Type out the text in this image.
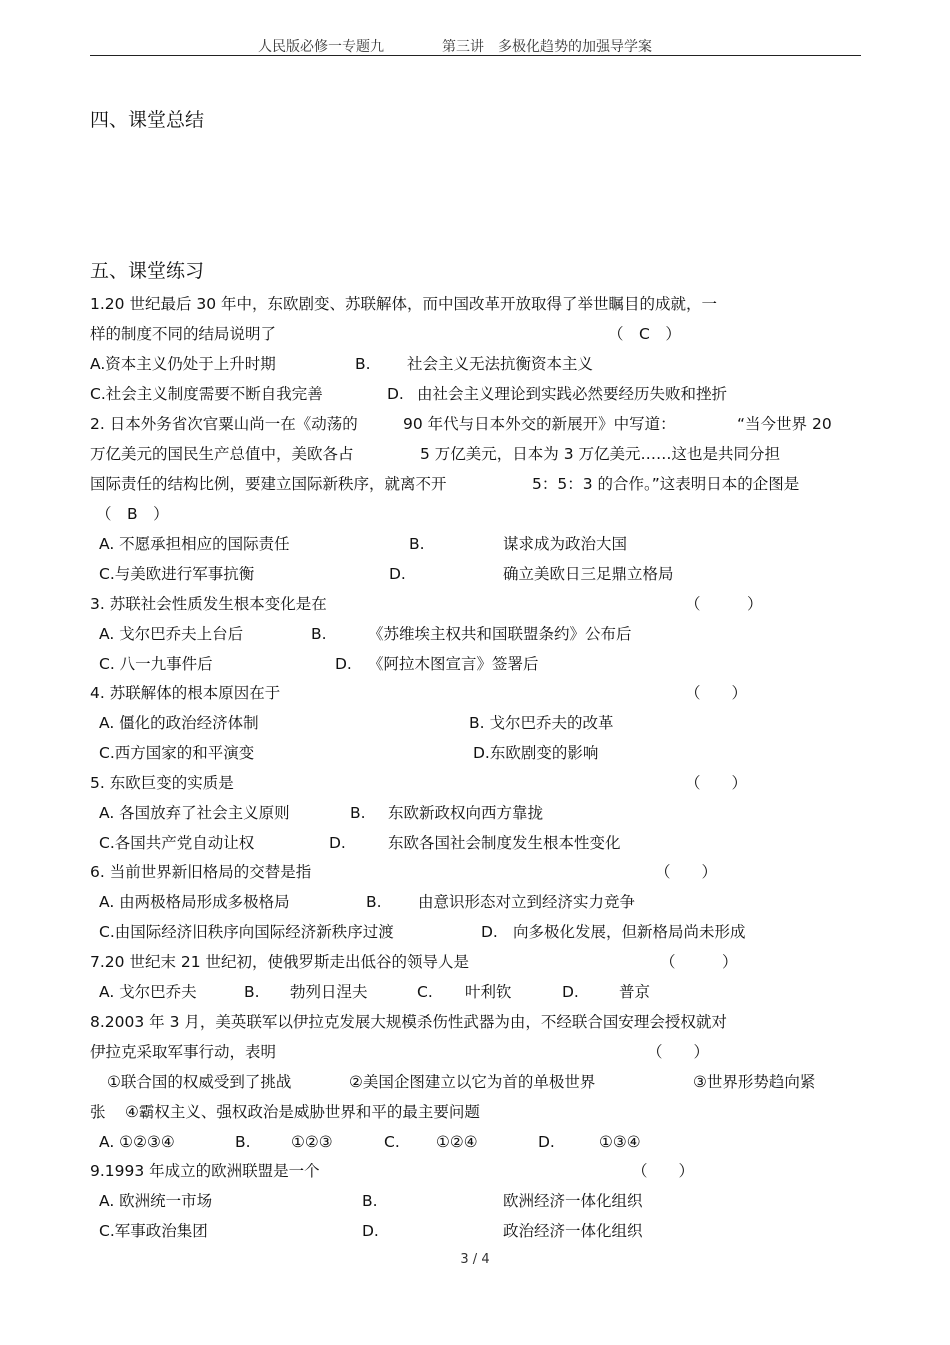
人民版必修一专题九	第三讲　多极化趋势的加强导学案
四、课堂总结
五、课堂练习
1.20 世纪最后 30 年中，东欧剧变、苏联解体，而中国改革开放取得了举世瞩目的成就，一
样的制度不同的结局说明了	（　C　）
A.资本主义仍处于上升时期	B. 社会主义无法抗衡资本主义
C.社会主义制度需要不断自我完善	D. 由社会主义理论到实践必然要经历失败和挫折
2. 日本外务省次官粟山尚一在《动荡的	90 年代与日本外交的新展开》中写道：	“当今世界 20
万亿美元的国民生产总值中，美欧各占	5 万亿美元，日本为 3 万亿美元……这也是共同分担
国际责任的结构比例，要建立国际新秩序，就离不开	5：5：3 的合作。”这表明日本的企图是
（　B　）
A. 不愿承担相应的国际责任	B.	谋求成为政治大国
C.与美欧进行军事抗衡	D.	确立美欧日三足鼎立格局
3. 苏联社会性质发生根本变化是在	（　　　）
A. 戈尔巴乔夫上台后	B.	《苏维埃主权共和国联盟条约》公布后
C. 八一九事件后	D. 《阿拉木图宣言》签署后
4. 苏联解体的根本原因在于	（　　）
A. 僵化的政治经济体制	B. 戈尔巴乔夫的改革
C.西方国家的和平演变	D.东欧剧变的影响
5. 东欧巨变的实质是	（　　）
A. 各国放弃了社会主义原则	B. 东欧新政权向西方靠拢
C.各国共产党自动让权	D.	东欧各国社会制度发生根本性变化
6. 当前世界新旧格局的交替是指	（　　）
A. 由两极格局形成多极格局	B. 由意识形态对立到经济实力竞争
C.由国际经济旧秩序向国际经济新秩序过渡	D. 向多极化发展，但新格局尚未形成
7.20 世纪末 21 世纪初，使俄罗斯走出低谷的领导人是	（　　　）
A. 戈尔巴乔夫	B. 勃列日涅夫	C. 叶利钦	D.	普京
8.2003 年 3 月，美英联军以伊拉克发展大规模杀伤性武器为由，不经联合国安理会授权就对
伊拉克采取军事行动，表明	（　　）
①联合国的权威受到了挑战	②美国企图建立以它为首的单极世界	③世界形势趋向紧
张 ④霸权主义、强权政治是威胁世界和平的最主要问题
A. ①②③④	B.	①②③	C. ①②④	D.	①③④
9.1993 年成立的欧洲联盟是一个	（　　）
A. 欧洲统一市场	B.	欧洲经济一体化组织
C.军事政治集团	D.	政治经济一体化组织
3 / 4
